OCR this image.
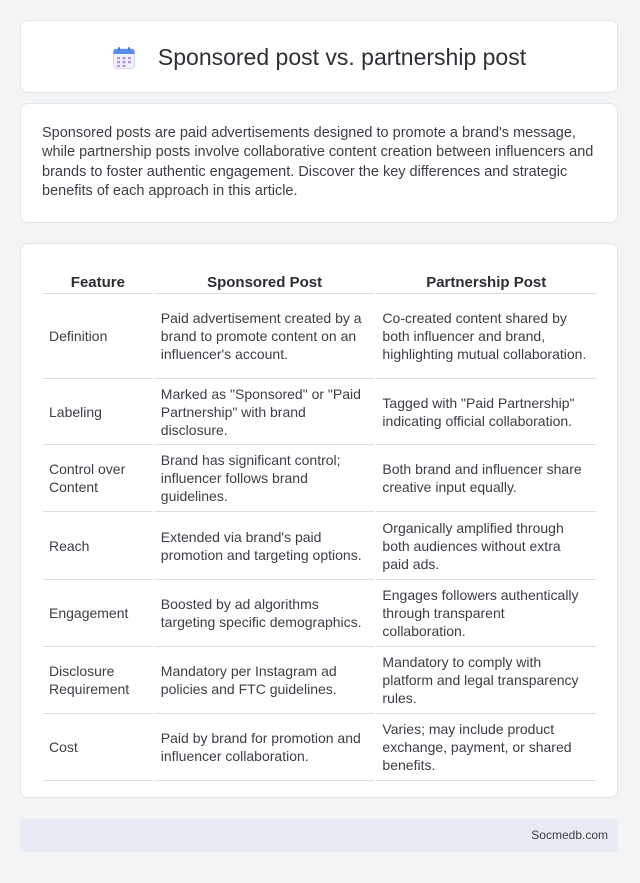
Sponsored post vs. partnership post
Sponsored posts are paid advertisements designed to promote a brand's message, while partnership posts involve collaborative content creation between influencers and brands to foster authentic engagement. Discover the key differences and strategic benefits of each approach in this article.
Feature	Sponsored Post	Partnership Post
Definition	Paid advertisement created by a brand to promote content on an influencer's account.	Co-created content shared by both influencer and brand, highlighting mutual collaboration.
Labeling	Marked as "Sponsored" or "Paid Partnership" with brand disclosure.	Tagged with "Paid Partnership" indicating official collaboration.
Control over Content	Brand has significant control; influencer follows brand guidelines.	Both brand and influencer share creative input equally.
Reach	Extended via brand's paid promotion and targeting options.	Organically amplified through both audiences without extra paid ads.
Engagement	Boosted by ad algorithms targeting specific demographics.	Engages followers authentically through transparent collaboration.
Disclosure Requirement	Mandatory per Instagram ad policies and FTC guidelines.	Mandatory to comply with platform and legal transparency rules.
Cost	Paid by brand for promotion and influencer collaboration.	Varies; may include product exchange, payment, or shared benefits.
Socmedb.com
